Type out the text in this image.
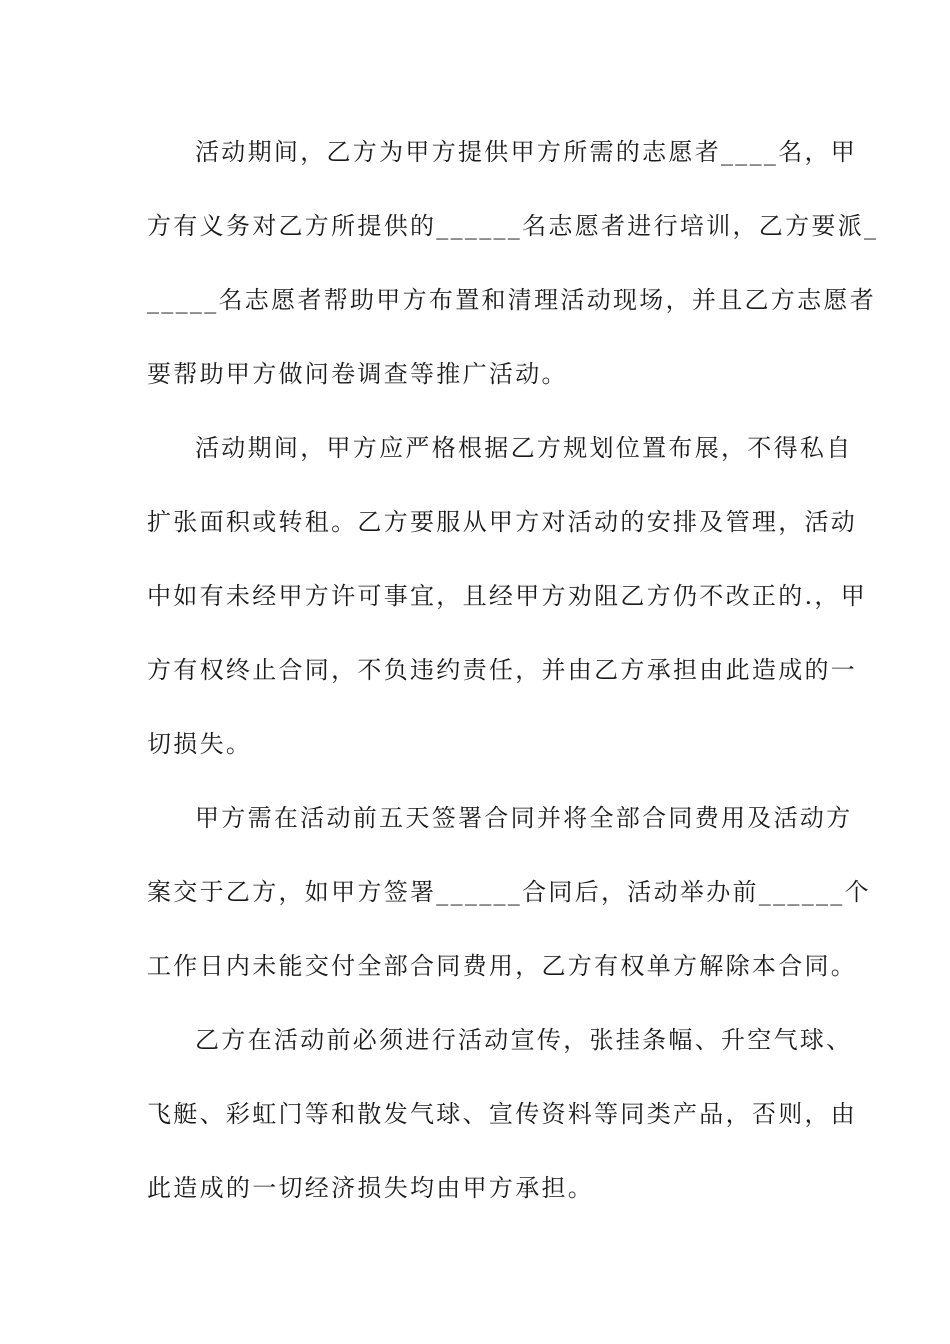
活动期间，乙方为甲方提供甲方所需的志愿者____名，甲
方有义务对乙方所提供的______名志愿者进行培训，乙方要派_
_____名志愿者帮助甲方布置和清理活动现场，并且乙方志愿者
要帮助甲方做问卷调查等推广活动。
活动期间，甲方应严格根据乙方规划位置布展，不得私自
扩张面积或转租。乙方要服从甲方对活动的安排及管理，活动
中如有未经甲方许可事宜，且经甲方劝阻乙方仍不改正的.，甲
方有权终止合同，不负违约责任，并由乙方承担由此造成的一
切损失。
甲方需在活动前五天签署合同并将全部合同费用及活动方
案交于乙方，如甲方签署______合同后，活动举办前______个
工作日内未能交付全部合同费用，乙方有权单方解除本合同。
乙方在活动前必须进行活动宣传，张挂条幅、升空气球、
飞艇、彩虹门等和散发气球、宣传资料等同类产品，否则，由
此造成的一切经济损失均由甲方承担。
